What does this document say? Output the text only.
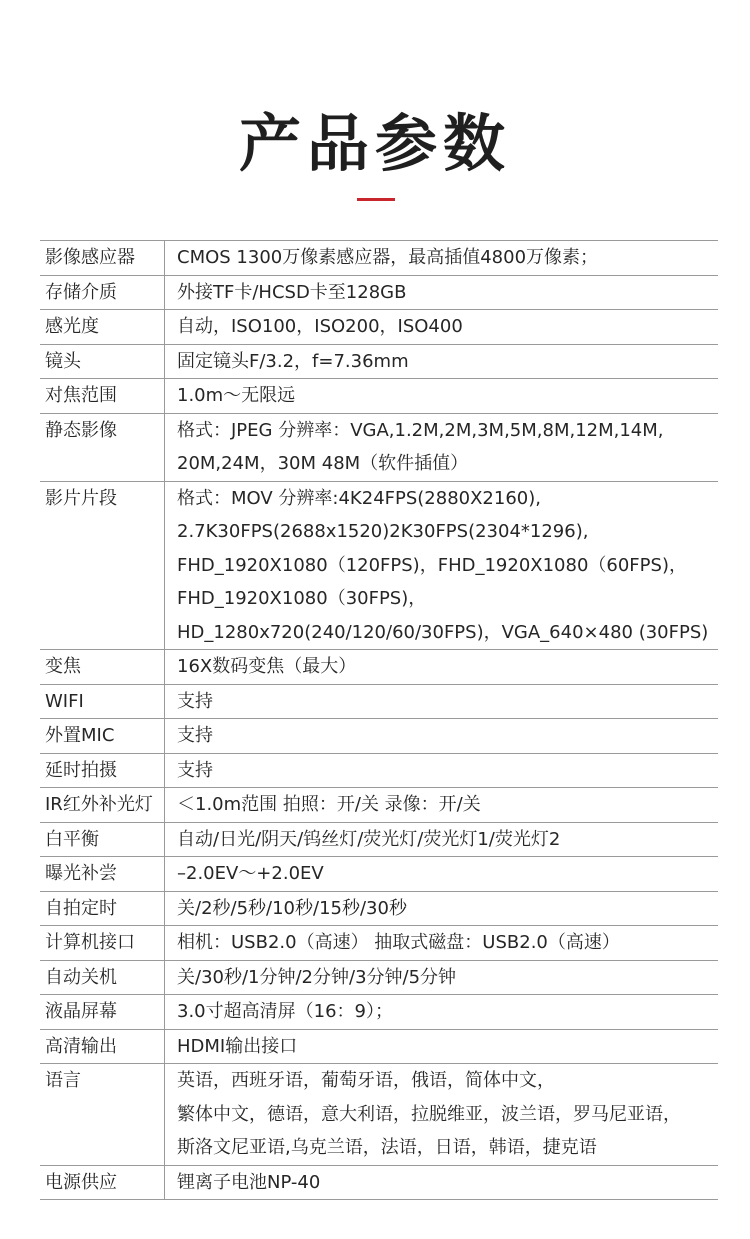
产品参数
影像感应器	CMOS 1300万像素感应器，最高插值4800万像素；

存储介质	外接TF卡/HCSD卡至128GB

感光度	自动，ISO100，ISO200，ISO400

镜头	固定镜头F/3.2，f=7.36mm

对焦范围	1.0m～无限远

静态影像	格式：JPEG 分辨率：VGA,1.2M,2M,3M,5M,8M,12M,14M,
20M,24M，30M 48M（软件插值）

影片片段	格式：MOV 分辨率:4K24FPS(2880X2160),
2.7K30FPS(2688x1520)2K30FPS(2304*1296),
FHD_1920X1080（120FPS)，FHD_1920X1080（60FPS)，
FHD_1920X1080（30FPS)，
HD_1280x720(240/120/60/30FPS)，VGA_640×480 (30FPS)

变焦	16X数码变焦（最大）

WIFI	支持

外置MIC	支持

延时拍摄	支持

IR红外补光灯	＜1.0m范围 拍照：开/关 录像：开/关

白平衡	自动/日光/阴天/钨丝灯/荧光灯/荧光灯1/荧光灯2

曝光补尝	–2.0EV～+2.0EV

自拍定时	关/2秒/5秒/10秒/15秒/30秒

计算机接口	相机：USB2.0（高速） 抽取式磁盘：USB2.0（高速）

自动关机	关/30秒/1分钟/2分钟/3分钟/5分钟

液晶屏幕	3.0寸超高清屏（16：9）；

高清输出	HDMI输出接口

语言	英语，西班牙语，葡萄牙语，俄语，简体中文，
繁体中文，德语，意大利语，拉脱维亚，波兰语，罗马尼亚语，
斯洛文尼亚语,乌克兰语，法语，日语，韩语，捷克语

电源供应	锂离子电池NP-40
